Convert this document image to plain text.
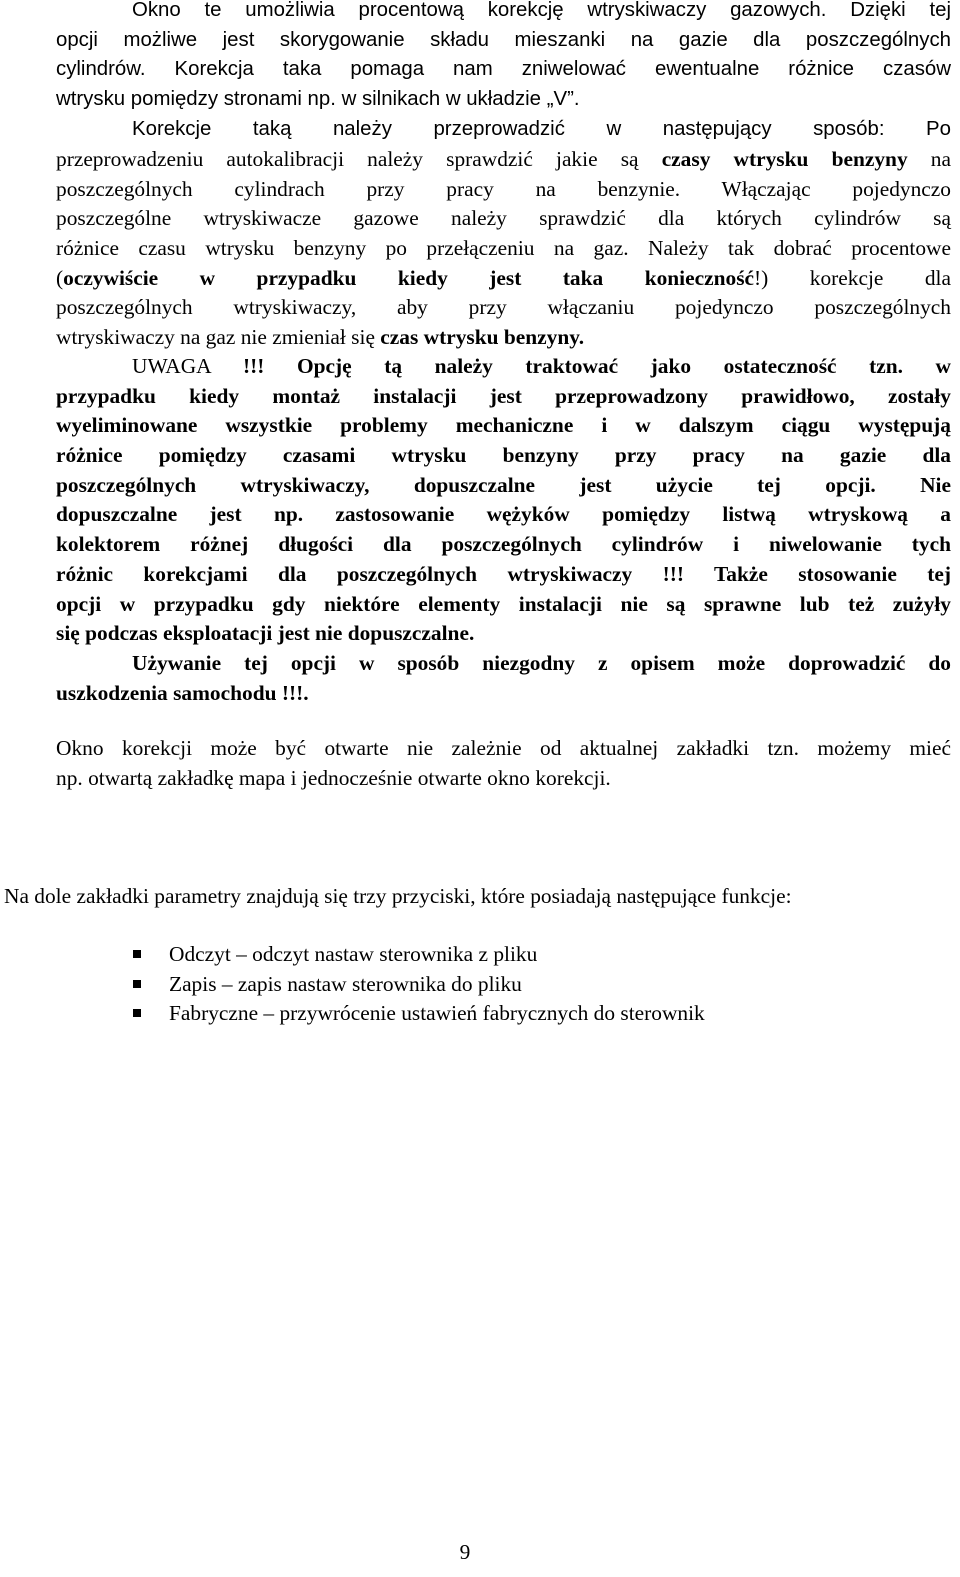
Okno te umożliwia procentową korekcję wtryskiwaczy gazowych. Dzięki tej

opcji możliwe jest skorygowanie składu mieszanki na gazie dla poszczególnych

cylindrów. Korekcja taka pomaga nam zniwelować ewentualne różnice czasów

wtrysku pomiędzy stronami np. w silnikach w układzie „V”.

Korekcje taką należy przeprowadzić w następujący sposób: Po

przeprowadzeniu autokalibracji należy sprawdzić jakie są czasy wtrysku benzyny na

poszczególnych cylindrach przy pracy na benzynie. Włączając pojedynczo

poszczególne wtryskiwacze gazowe należy sprawdzić dla których cylindrów są

różnice czasu wtrysku benzyny po przełączeniu na gaz. Należy tak dobrać procentowe

(oczywiście w przypadku kiedy jest taka konieczność!) korekcje dla

poszczególnych wtryskiwaczy, aby przy włączaniu pojedynczo poszczególnych

wtryskiwaczy na gaz nie zmieniał się czas wtrysku benzyny.

UWAGA !!! Opcję tą należy traktować jako ostateczność tzn. w

przypadku kiedy montaż instalacji jest przeprowadzony prawidłowo, zostały

wyeliminowane wszystkie problemy mechaniczne i w dalszym ciągu występują

różnice pomiędzy czasami wtrysku benzyny przy pracy na gazie dla

poszczególnych wtryskiwaczy, dopuszczalne jest użycie tej opcji. Nie

dopuszczalne jest np. zastosowanie wężyków pomiędzy listwą wtryskową a

kolektorem różnej długości dla poszczególnych cylindrów i niwelowanie tych

różnic korekcjami dla poszczególnych wtryskiwaczy !!! Także stosowanie tej

opcji w przypadku gdy niektóre elementy instalacji nie są sprawne lub też zużyły

się podczas eksploatacji jest nie dopuszczalne.

Używanie tej opcji w sposób niezgodny z opisem może doprowadzić do

uszkodzenia samochodu !!!.

Okno korekcji może być otwarte nie zależnie od aktualnej zakładki tzn. możemy mieć

np. otwartą zakładkę mapa i jednocześnie otwarte okno korekcji.

Na dole zakładki parametry znajdują się trzy przyciski, które posiadają następujące funkcje:

Odczyt – odczyt nastaw sterownika z pliku
Zapis – zapis nastaw sterownika do pliku
Fabryczne – przywrócenie ustawień fabrycznych do sterownik
9
